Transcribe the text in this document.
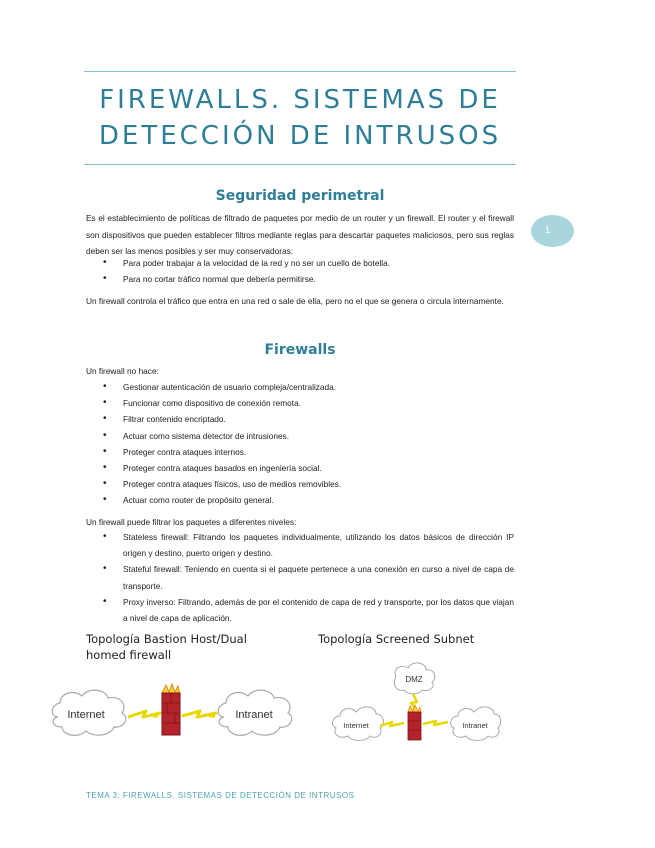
FIREWALLS. SISTEMAS DE
DETECCIÓN DE INTRUSOS
1
Seguridad perimetral

Es el establecimiento de políticas de filtrado de paquetes por medio de un router y un firewall. El router y el firewall son dispositivos que pueden establecer filtros mediante reglas para descartar paquetes maliciosos, pero sus reglas deben ser las menos posibles y ser muy conservadoras:

• Para poder trabajar a la velocidad de la red y no ser un cuello de botella.
• Para no cortar tráfico normal que debería permitirse.

Un firewall controla el tráfico que entra en una red o sale de ella, pero no el que se genera o circula internamente.

Firewalls

Un firewall no hace:

• Gestionar autenticación de usuario compleja/centralizada.
• Funcionar como dispositivo de conexión remota.
• Filtrar contenido encriptado.
• Actuar como sistema detector de intrusiones.
• Proteger contra ataques internos.
• Proteger contra ataques basados en ingeniería social.
• Proteger contra ataques físicos, uso de medios removibles.
• Actuar como router de propósito general.

Un firewall puede filtrar los paquetes a diferentes niveles:

• Stateless firewall: Filtrando los paquetes individualmente, utilizando los datos básicos de dirección IP origen y destino, puerto origen y destino.
• Stateful firewall: Teniendo en cuenta si el paquete pertenece a una conexión en curso a nivel de capa de transporte.
• Proxy inverso: Filtrando, además de por el contenido de capa de red y transporte, por los datos que viajan a nivel de capa de aplicación.
Topología Bastion Host/Dual homed firewall
Topología Screened Subnet
Internet	Intranet
DMZ
Internet	Intranet
TEMA 3: FIREWALLS. SISTEMAS DE DETECCIÓN DE INTRUSOS
